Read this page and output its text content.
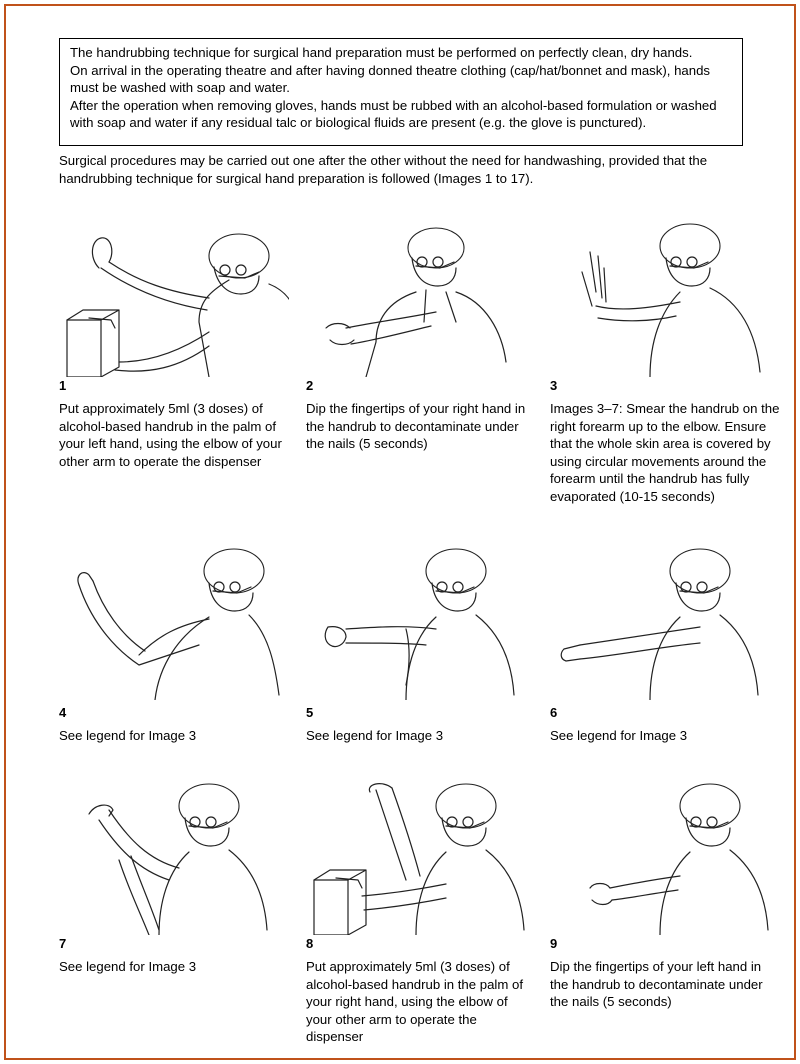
The handrubbing technique for surgical hand preparation must be performed on perfectly clean, dry hands.

On arrival in the operating theatre and after having donned theatre clothing (cap/hat/bonnet and mask), hands must be washed with soap and water.

After the operation when removing gloves, hands must be rubbed with an alcohol-based formulation or washed with soap and water if any residual talc or biological fluids are present (e.g. the glove is punctured).

Surgical procedures may be carried out one after the other without the need for handwashing, provided that the handrubbing technique for surgical hand preparation is followed (Images 1 to 17).
1
Put approximately 5ml (3 doses) of alcohol-based handrub in the palm of your left hand, using the elbow of your other arm to operate the dispenser
2
Dip the fingertips of your right hand in the handrub to decontaminate under the nails (5 seconds)
3
Images 3–7: Smear the handrub on the right forearm up to the elbow. Ensure that the whole skin area is covered by using circular movements around the forearm until the handrub has fully evaporated (10-15 seconds)
4
See legend for Image 3
5
See legend for Image 3
6
See legend for Image 3
7
See legend for Image 3
8
Put approximately 5ml (3 doses) of alcohol-based handrub in the palm of your right hand, using the elbow of your other arm to operate the dispenser
9
Dip the fingertips of your left hand in the handrub to decontaminate under the nails (5 seconds)
